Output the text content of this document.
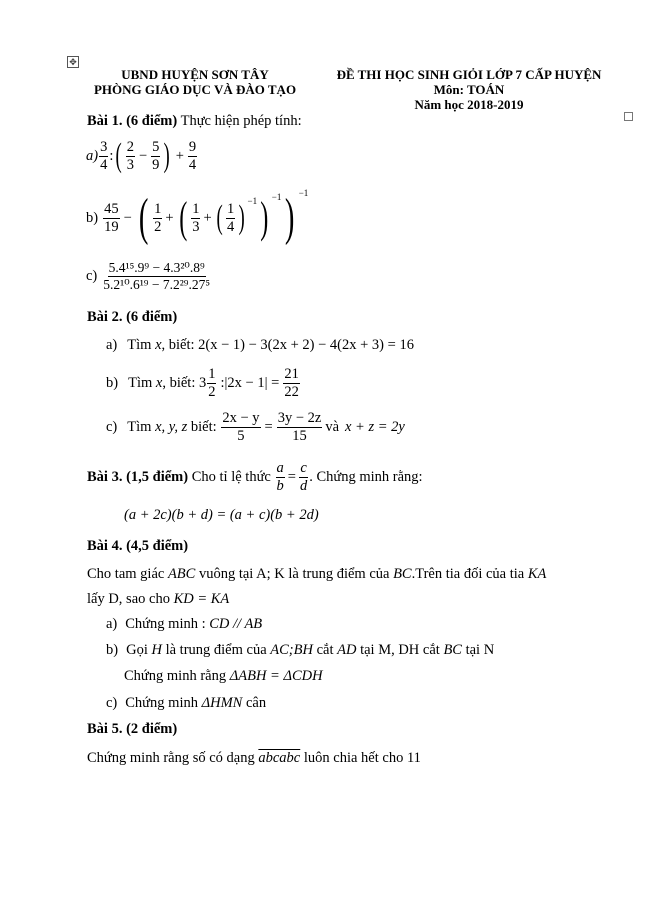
✥
UBND HUYỆN SƠN TÂY
PHÒNG GIÁO DỤC VÀ ĐÀO TẠO
ĐỀ THI HỌC SINH GIỎI LỚP 7 CẤP HUYỆN
Môn: TOÁN
Năm học 2018-2019
Bài 1. (6 điểm) Thực hiện phép tính:
$a) \frac{3}{4}$ : ( $\frac{2}{3} - \frac{5}{9}$ ) + $\frac{9}{4}$
$b) \frac{45}{19}$ − ( $\frac{1}{2}$ + ( $\frac{1}{3}$ + ( $\frac{1}{4}$ ) $^{-1}$ ) $^{-1}$ ) $^{-1}$
$c) \frac{\text{5.4¹⁵.9⁹ − 4.3²⁰.8⁹}}{\text{5.2¹⁰.6¹⁹ − 7.2²⁹.27⁵}}$
Bài 2. (6 điểm)
a) Tìm x, biết: 2(x − 1) − 3(2x + 2) − 4(2x + 3) = 16
b) Tìm x , biết: $3 \frac{1}{2}$ :|2x − $1| = \frac{21}{22}$
c) Tìm x, y, z biết: $\frac{2x - y}{5} = \frac{3y - 2z}{15}$ và x + z = 2y
Bài 3. (1,5 điểm) Cho tỉ lệ thức $\frac{a}{b} = \frac{c}{d}$ . Chứng minh rằng:
(a + 2c)(b + d) = (a + c)(b + 2d)
Bài 4. (4,5 điểm)
Cho tam giác ABC vuông tại A; K là trung điểm của BC.Trên tia đối của tia KA
lấy D, sao cho KD = KA
a) Chứng minh : CD // AB
b) Gọi H là trung điểm của AC;BH cắt AD tại M, DH cắt BC tại N
Chứng minh rằng ΔABH = ΔCDH
c) Chứng minh ΔHMN cân
Bài 5. (2 điểm)
Chứng minh rằng số có dạng abcabc luôn chia hết cho 11
